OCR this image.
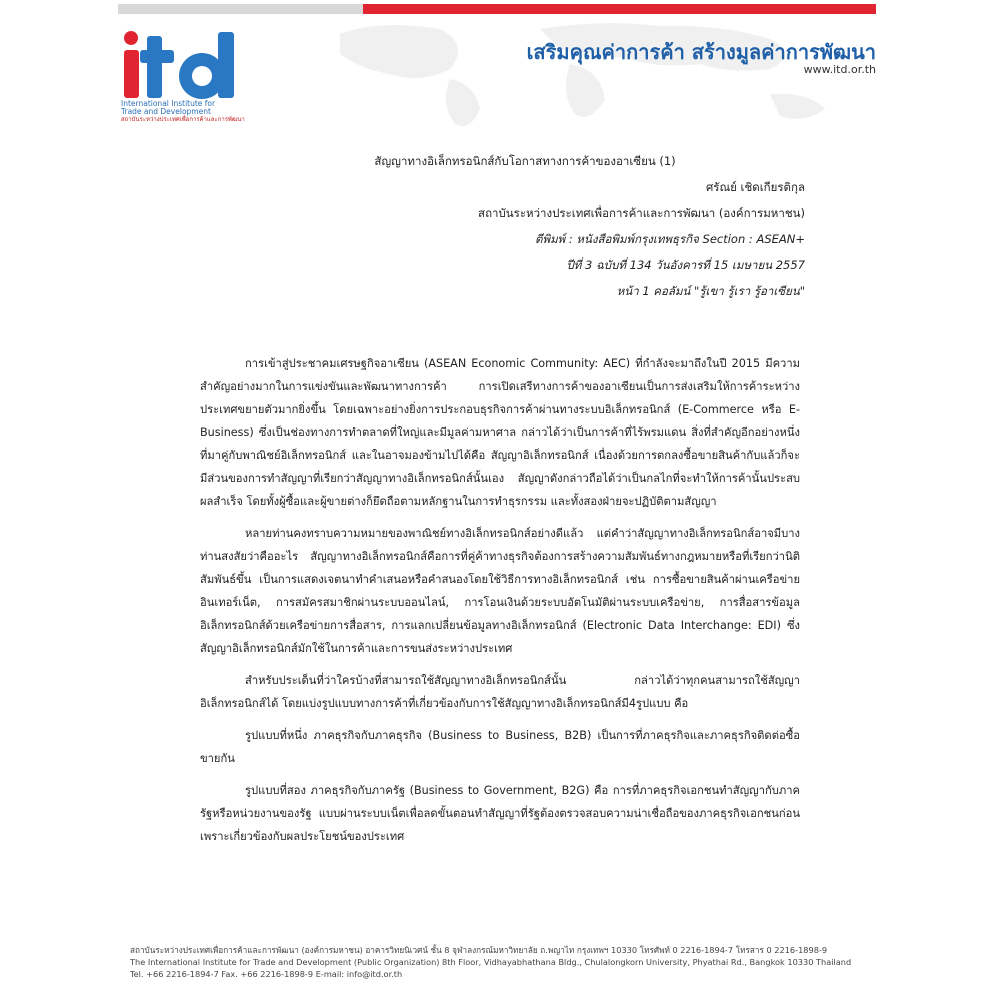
International Institute for
Trade and Development
สถาบันระหว่างประเทศเพื่อการค้าและการพัฒนา
เสริมคุณค่าการค้า สร้างมูลค่าการพัฒนา
www.itd.or.th
สัญญาทางอิเล็กทรอนิกส์กับโอกาสทางการค้าของอาเซียน (1)
ศรัณย์ เชิดเกียรติกุล
สถาบันระหว่างประเทศเพื่อการค้าและการพัฒนา (องค์การมหาชน)
ตีพิมพ์ : หนังสือพิมพ์กรุงเทพธุรกิจ Section : ASEAN+
ปีที่ 3 ฉบับที่ 134 วันอังคารที่ 15 เมษายน 2557
หน้า 1 คอลัมน์ "รู้เขา รู้เรา รู้อาเซียน"

การเข้าสู่ประชาคมเศรษฐกิจอาเซียน (ASEAN Economic Community: AEC) ที่กำลังจะมาถึงในปี 2015 มีความสำคัญอย่างมากในการแข่งขันและพัฒนาทางการค้า การเปิดเสรีทางการค้าของอาเซียนเป็นการส่งเสริมให้การค้าระหว่างประเทศขยายตัวมากยิ่งขึ้น โดยเฉพาะอย่างยิ่งการประกอบธุรกิจการค้าผ่านทางระบบอิเล็กทรอนิกส์ (E-Commerce หรือ E-Business) ซึ่งเป็นช่องทางการทำตลาดที่ใหญ่และมีมูลค่ามหาศาล กล่าวได้ว่าเป็นการค้าที่ไร้พรมแดน สิ่งที่สำคัญอีกอย่างหนึ่งที่มาคู่กับพาณิชย์อิเล็กทรอนิกส์ และในอาจมองข้ามไปได้คือ สัญญาอิเล็กทรอนิกส์ เนื่องด้วยการตกลงซื้อขายสินค้ากับแล้วก็จะมีส่วนของการทำสัญญาที่เรียกว่าสัญญาทางอิเล็กทรอนิกส์นั้นเอง สัญญาดังกล่าวถือได้ว่าเป็นกลไกที่จะทำให้การค้านั้นประสบผลสำเร็จ โดยทั้งผู้ซื้อและผู้ขายต่างก็ยึดถือตามหลักฐานในการทำธุรกรรม และทั้งสองฝ่ายจะปฏิบัติตามสัญญา

หลายท่านคงทราบความหมายของพาณิชย์ทางอิเล็กทรอนิกส์อย่างดีแล้ว แต่คำว่าสัญญาทางอิเล็กทรอนิกส์อาจมีบางท่านสงสัยว่าคืออะไร สัญญาทางอิเล็กทรอนิกส์คือการที่คู่ค้าทางธุรกิจต้องการสร้างความสัมพันธ์ทางกฎหมายหรือที่เรียกว่านิติสัมพันธ์ขึ้น เป็นการแสดงเจตนาทำคำเสนอหรือคำสนองโดยใช้วิธีการทางอิเล็กทรอนิกส์ เช่น การซื้อขายสินค้าผ่านเครือข่ายอินเทอร์เน็ต, การสมัครสมาชิกผ่านระบบออนไลน์, การโอนเงินด้วยระบบอัตโนมัติผ่านระบบเครือข่าย, การสื่อสารข้อมูลอิเล็กทรอนิกส์ด้วยเครือข่ายการสื่อสาร, การแลกเปลี่ยนข้อมูลทางอิเล็กทรอนิกส์ (Electronic Data Interchange: EDI) ซึ่งสัญญาอิเล็กทรอนิกส์มักใช้ในการค้าและการขนส่งระหว่างประเทศ

สำหรับประเด็นที่ว่าใครบ้างที่สามารถใช้สัญญาทางอิเล็กทรอนิกส์นั้น กล่าวได้ว่าทุกคนสามารถใช้สัญญาอิเล็กทรอนิกส์ได้ โดยแบ่งรูปแบบทางการค้าที่เกี่ยวข้องกับการใช้สัญญาทางอิเล็กทรอนิกส์มี4รูปแบบ คือ

รูปแบบที่หนึ่ง ภาคธุรกิจกับภาคธุรกิจ (Business to Business, B2B) เป็นการที่ภาคธุรกิจและภาคธุรกิจติดต่อซื้อขายกัน

รูปแบบที่สอง ภาคธุรกิจกับภาครัฐ (Business to Government, B2G) คือ การที่ภาคธุรกิจเอกชนทำสัญญากับภาครัฐหรือหน่วยงานของรัฐ แบบผ่านระบบเน็ตเพื่อลดขั้นตอนทำสัญญาที่รัฐต้องตรวจสอบความน่าเชื่อถือของภาคธุรกิจเอกชนก่อน เพราะเกี่ยวข้องกับผลประโยชน์ของประเทศ

สถาบันระหว่างประเทศเพื่อการค้าและการพัฒนา (องค์การมหาชน) อาคารวิทยนิเวศน์ ชั้น 8 จุฬาลงกรณ์มหาวิทยาลัย ถ.พญาไท กรุงเทพฯ 10330 โทรศัพท์ 0 2216-1894-7 โทรสาร 0 2216-1898-9
The International Institute for Trade and Development (Public Organization) 8th Floor, Vidhayabhathana Bldg., Chulalongkorn University, Phyathai Rd., Bangkok 10330 Thailand
Tel. +66 2216-1894-7 Fax. +66 2216-1898-9 E-mail: info@itd.or.th
